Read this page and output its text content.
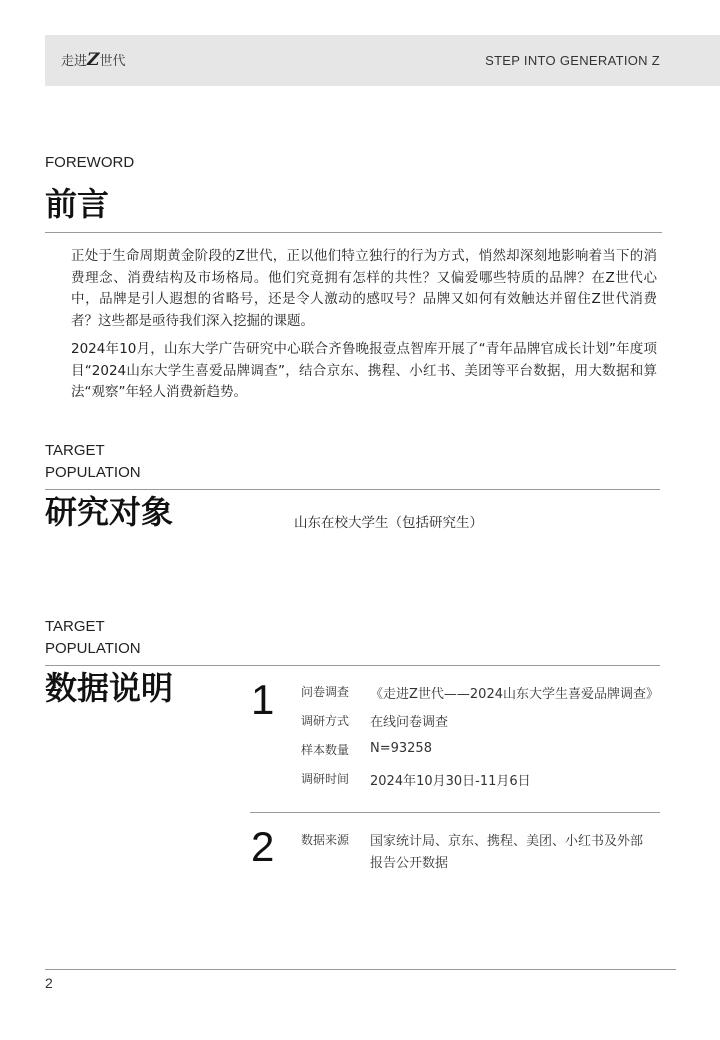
走进Z世代	STEP INTO GENERATION Z
FOREWORD
前言

正处于生命周期黄金阶段的Z世代，正以他们特立独行的行为方式，悄然却深刻地影响着当下的消费理念、消费结构及市场格局。他们究竟拥有怎样的共性？又偏爱哪些特质的品牌？在Z世代心中，品牌是引人遐想的省略号，还是令人激动的感叹号？品牌又如何有效触达并留住Z世代消费者？这些都是亟待我们深入挖掘的课题。

2024年10月，山东大学广告研究中心联合齐鲁晚报壹点智库开展了“青年品牌官成长计划”年度项目“2024山东大学生喜爱品牌调查”，结合京东、携程、小红书、美团等平台数据，用大数据和算法“观察”年轻人消费新趋势。

TARGET
POPULATION
研究对象	山东在校大学生（包括研究生）
TARGET
POPULATION
数据说明 1 问卷调查 《走进Z世代——2024山东大学生喜爱品牌调查》
调研方式 在线问卷调查
样本数量 N=93258
调研时间 2024年10月30日-11月6日
2 数据来源 国家统计局、京东、携程、美团、小红书及外部
报告公开数据
2
